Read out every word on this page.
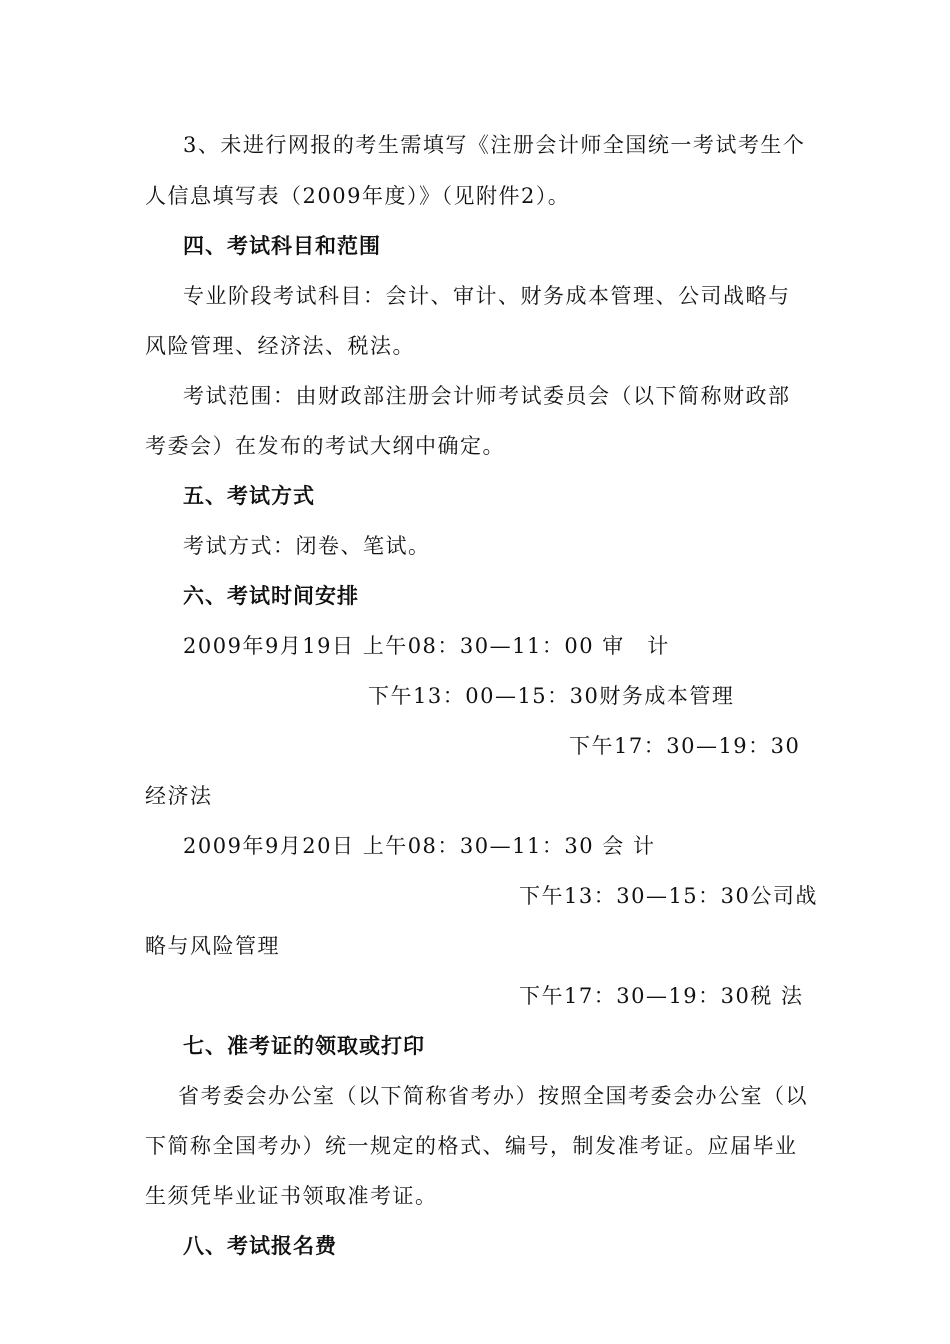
3、未进行网报的考生需填写《注册会计师全国统一考试考生个
人信息填写表（2009年度）》（见附件2）。
四、考试科目和范围
专业阶段考试科目：会计、审计、财务成本管理、公司战略与
风险管理、经济法、税法。
考试范围：由财政部注册会计师考试委员会（以下简称财政部
考委会）在发布的考试大纲中确定。
五、考试方式
考试方式：闭卷、笔试。
六、考试时间安排
2009年9月19日 上午08：30—11：00 审　计
下午13：00—15：30财务成本管理
下午17：30—19：30
经济法
2009年9月20日 上午08：30—11：30 会 计
下午13：30—15：30公司战
略与风险管理
下午17：30—19：30税 法
七、准考证的领取或打印
省考委会办公室（以下简称省考办）按照全国考委会办公室（以
下简称全国考办）统一规定的格式、编号，制发准考证。应届毕业
生须凭毕业证书领取准考证。
八、考试报名费
